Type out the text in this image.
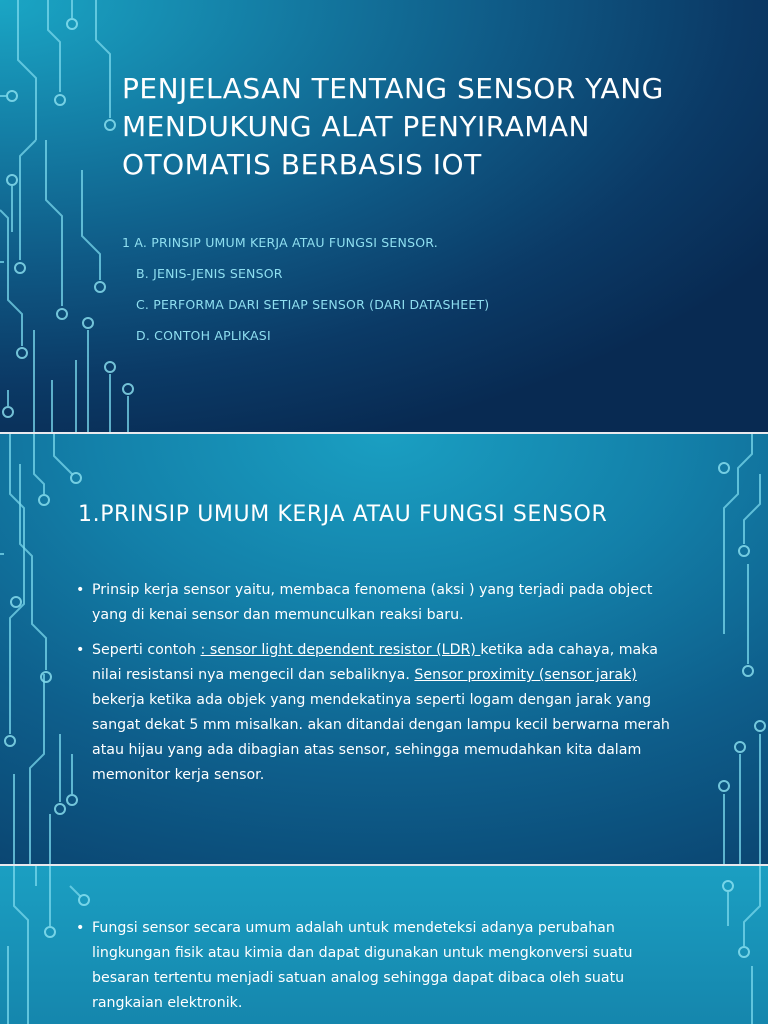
PENJELASAN TENTANG SENSOR YANG MENDUKUNG ALAT PENYIRAMAN OTOMATIS BERBASIS IOT
1 A. PRINSIP UMUM KERJA ATAU FUNGSI SENSOR.
B. JENIS-JENIS SENSOR
C. PERFORMA DARI SETIAP SENSOR (DARI DATASHEET)
D. CONTOH APLIKASI
1.PRINSIP UMUM KERJA ATAU FUNGSI SENSOR
• Prinsip kerja sensor yaitu, membaca fenomena (aksi ) yang terjadi pada object yang di kenai sensor dan memunculkan reaksi baru.
• Seperti contoh : sensor light dependent resistor (LDR) ketika ada cahaya, maka nilai resistansi nya mengecil dan sebaliknya. Sensor proximity (sensor jarak) bekerja ketika ada objek yang mendekatinya seperti logam dengan jarak yang sangat dekat 5 mm misalkan. akan ditandai dengan lampu kecil berwarna merah atau hijau yang ada dibagian atas sensor, sehingga memudahkan kita dalam memonitor kerja sensor.
• Fungsi sensor secara umum adalah untuk mendeteksi adanya perubahan lingkungan fisik atau kimia dan dapat digunakan untuk mengkonversi suatu besaran tertentu menjadi satuan analog sehingga dapat dibaca oleh suatu rangkaian elektronik.
